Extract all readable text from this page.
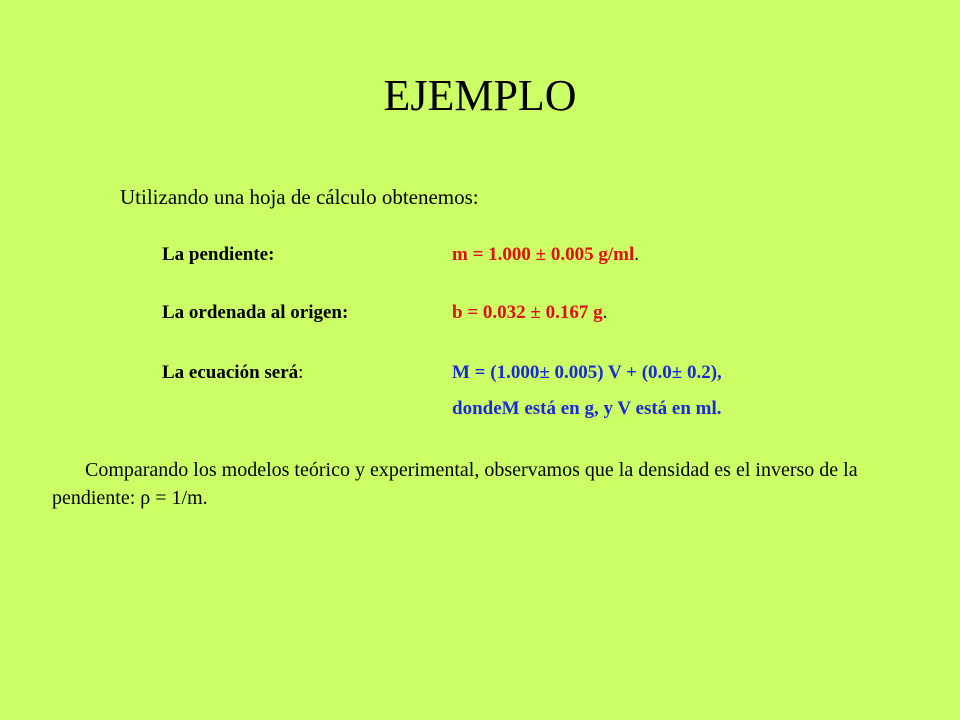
EJEMPLO
Utilizando una hoja de cálculo obtenemos:
La pendiente:	m = 1.000 ± 0.005 g/ml.
La ordenada al origen:	b = 0.032 ± 0.167 g.
La ecuación será:	M = (1.000± 0.005) V + (0.0± 0.2),
dondeM está en g, y V está en ml.
Comparando los modelos teórico y experimental, observamos que la densidad es el inverso de la pendiente: ρ = 1/m.
